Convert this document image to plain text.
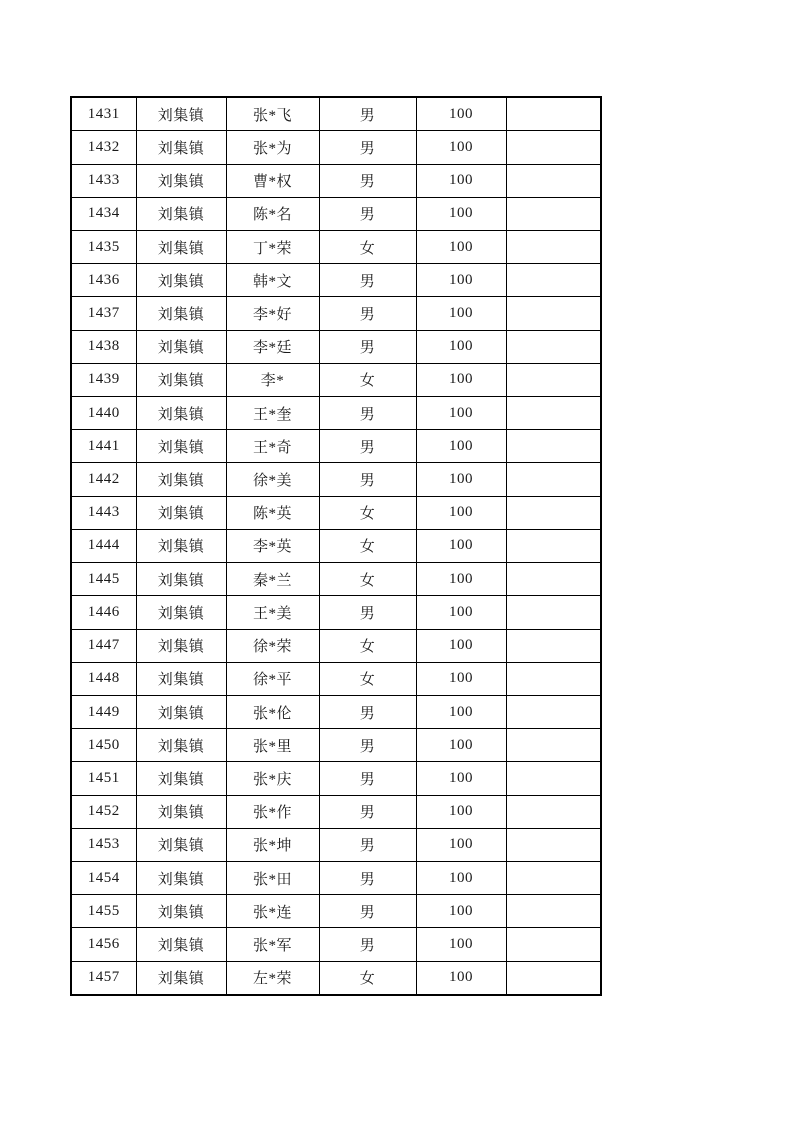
1431	刘集镇	张*飞	男	100	
1432	刘集镇	张*为	男	100	
1433	刘集镇	曹*权	男	100	
1434	刘集镇	陈*名	男	100	
1435	刘集镇	丁*荣	女	100	
1436	刘集镇	韩*文	男	100	
1437	刘集镇	李*好	男	100	
1438	刘集镇	李*廷	男	100	
1439	刘集镇	李*	女	100	
1440	刘集镇	王*奎	男	100	
1441	刘集镇	王*奇	男	100	
1442	刘集镇	徐*美	男	100	
1443	刘集镇	陈*英	女	100	
1444	刘集镇	李*英	女	100	
1445	刘集镇	秦*兰	女	100	
1446	刘集镇	王*美	男	100	
1447	刘集镇	徐*荣	女	100	
1448	刘集镇	徐*平	女	100	
1449	刘集镇	张*伦	男	100	
1450	刘集镇	张*里	男	100	
1451	刘集镇	张*庆	男	100	
1452	刘集镇	张*作	男	100	
1453	刘集镇	张*坤	男	100	
1454	刘集镇	张*田	男	100	
1455	刘集镇	张*连	男	100	
1456	刘集镇	张*军	男	100	
1457	刘集镇	左*荣	女	100	
